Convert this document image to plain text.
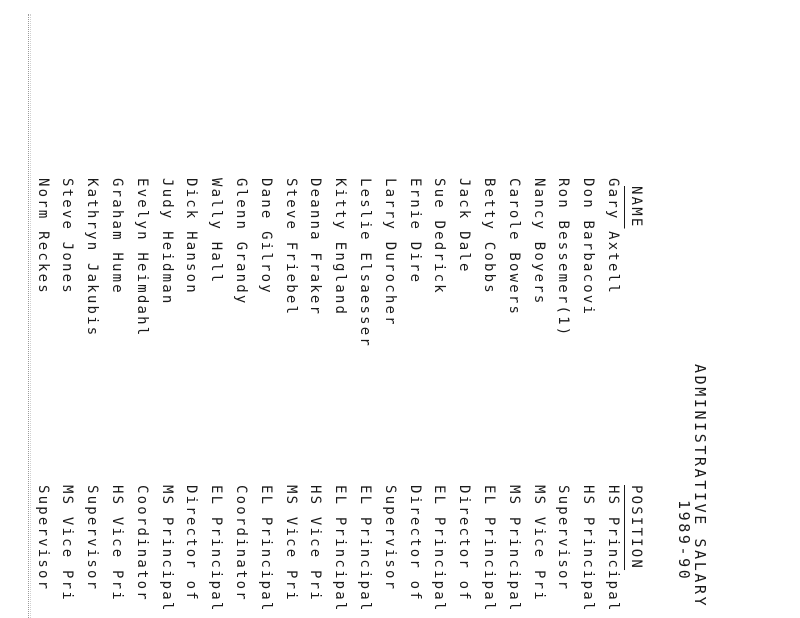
ADMINISTRATIVE SALARY
1989-90
NAME
POSITION
Gary Axtell
Don Barbacovi
Ron Bessemer(1)
Nancy Boyers
Carole Bowers
Betty Cobbs
Jack Dale
Sue Dedrick
Ernie Dire
Larry Durocher
Leslie Elsaesser
Kitty England
Deanna Fraker
Steve Friebel
Dane Gilroy
Glenn Grandy
Wally Hall
Dick Hanson
Judy Heidman
Evelyn Heimdahl
Graham Hume
Kathryn Jakubis
Steve Jones
Norm Reckes
HS Principal
HS Principal
Supervisor
MS Vice Pri
MS Principal
EL Principal
Director of
EL Principal
Director of
Supervisor
EL Principal
EL Principal
HS Vice Pri
MS Vice Pri
EL Principal
Coordinator
EL Principal
Director of
MS Principal
Coordinator
HS Vice Pri
Supervisor
MS Vice Pri
Supervisor
